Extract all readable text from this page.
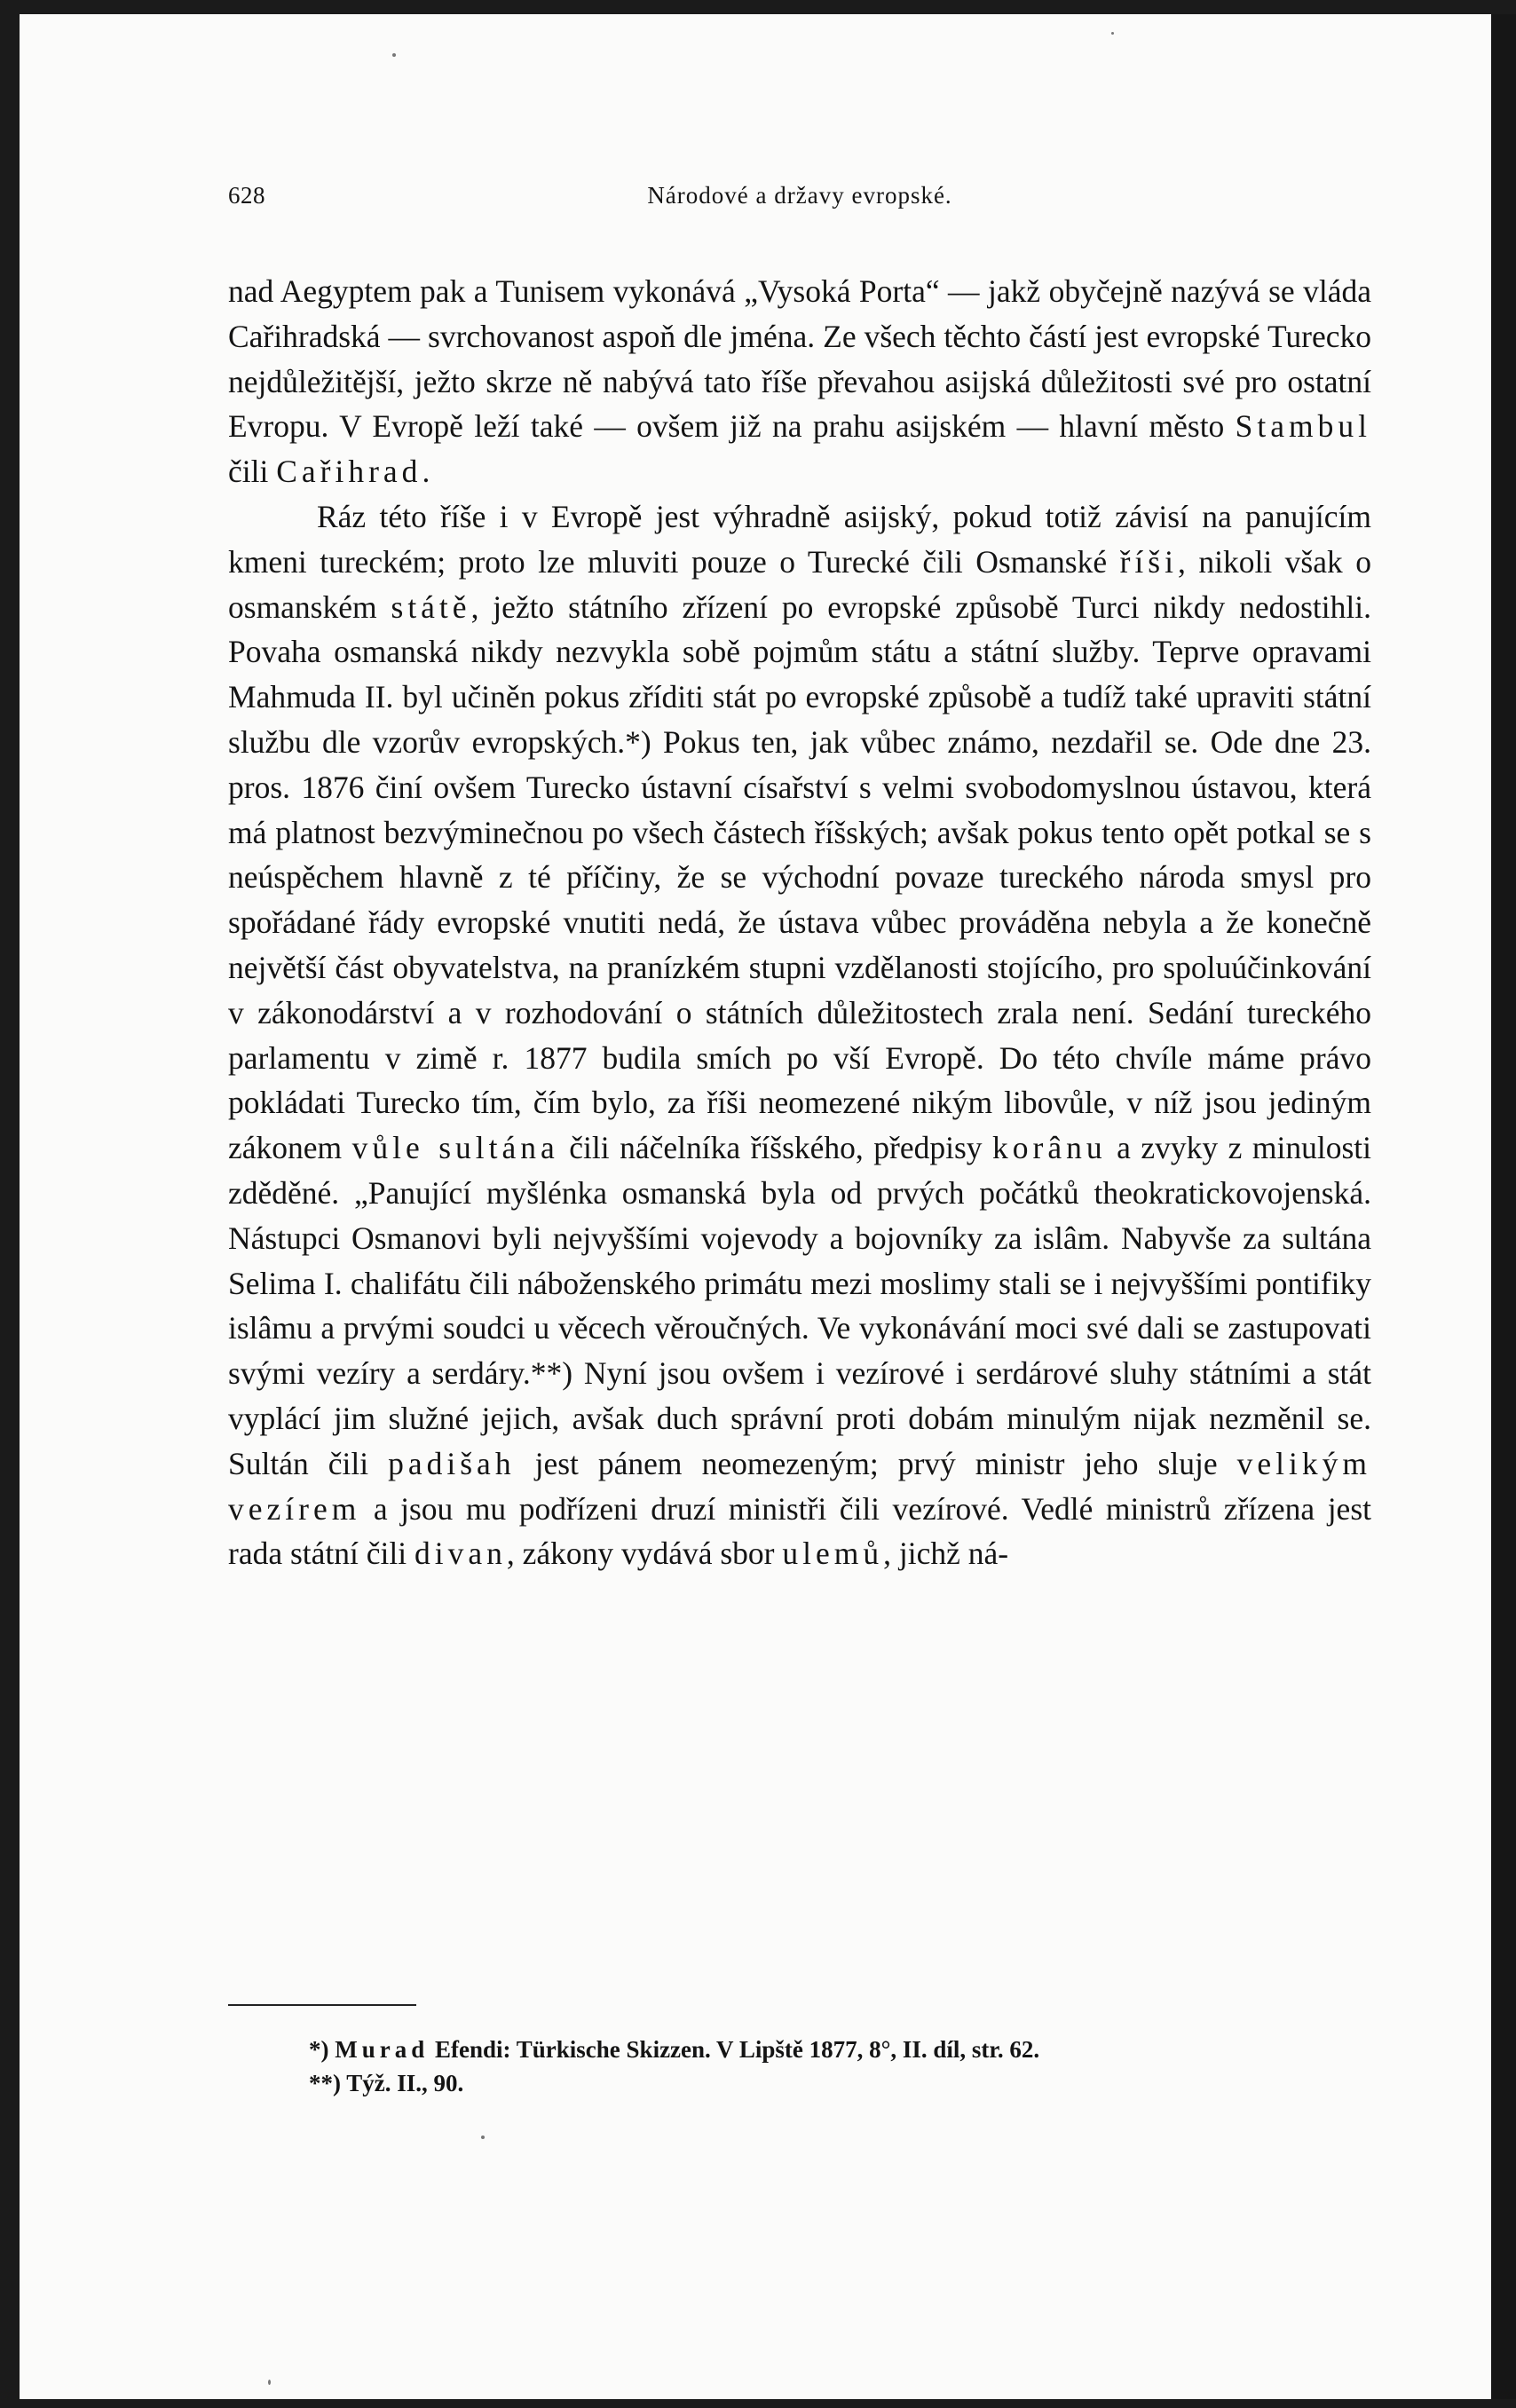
628	Národové a državy evropské.

nad Aegyptem pak a Tunisem vykonává „Vysoká Porta“ — jakž obyčejně nazývá se vláda Cařihradská — svrchovanost aspoň dle jména. Ze všech těchto částí jest evropské Turecko nejdůležitější, ježto skrze ně nabývá tato říše převahou asijská důležitosti své pro ostatní Evropu. V Evropě leží také — ovšem již na prahu asijském — hlavní město Stambul čili Cařihrad.

Ráz této říše i v Evropě jest výhradně asijský, pokud totiž závisí na panujícím kmeni tureckém; proto lze mluviti pouze o Turecké čili Osmanské říši, nikoli však o osmanském státě, ježto státního zřízení po evropské způsobě Turci nikdy nedostihli. Povaha osmanská nikdy nezvykla sobě pojmům státu a státní služby. Teprve opravami Mahmuda II. byl učiněn pokus zříditi stát po evropské způsobě a tudíž také upraviti státní službu dle vzorův evropských.*) Pokus ten, jak vůbec známo, nezdařil se. Ode dne 23. pros. 1876 činí ovšem Turecko ústavní císařství s velmi svobodomyslnou ústavou, která má platnost bezvýminečnou po všech částech říšských; avšak pokus tento opět potkal se s neúspěchem hlavně z té příčiny, že se východní povaze tureckého národa smysl pro spořádané řády evropské vnutiti nedá, že ústava vůbec prováděna nebyla a že konečně největší část obyvatelstva, na pranízkém stupni vzdělanosti stojícího, pro spoluúčinkování v zákonodárství a v rozhodování o státních důležitostech zrala není. Sedání tureckého parlamentu v zimě r. 1877 budila smích po vší Evropě. Do této chvíle máme právo pokládati Turecko tím, čím bylo, za říši neomezené nikým libovůle, v níž jsou jediným zákonem vůle sultána čili náčelníka říšského, předpisy korânu a zvyky z minulosti zděděné. „Panující myšlénka osmanská byla od prvých počátků theokratickovojenská. Nástupci Osmanovi byli nejvyššími vojevody a bojovníky za islâm. Nabyvše za sultána Selima I. chalifátu čili náboženského primátu mezi moslimy stali se i nejvyššími pontifiky islâmu a prvými soudci u věcech věroučných. Ve vykonávání moci své dali se zastupovati svými vezíry a serdáry.**) Nyní jsou ovšem i vezírové i serdárové sluhy státními a stát vyplácí jim služné jejich, avšak duch správní proti dobám minulým nijak nezměnil se. Sultán čili padišah jest pánem neomezeným; prvý ministr jeho sluje velikým vezírem a jsou mu podřízeni druzí ministři čili vezírové. Vedlé ministrů zřízena jest rada státní čili divan, zákony vydává sbor ulemů, jichž ná-

*) Murad Efendi: Türkische Skizzen. V Lipště 1877, 8°, II. díl, str. 62.
**) Týž. II., 90.
